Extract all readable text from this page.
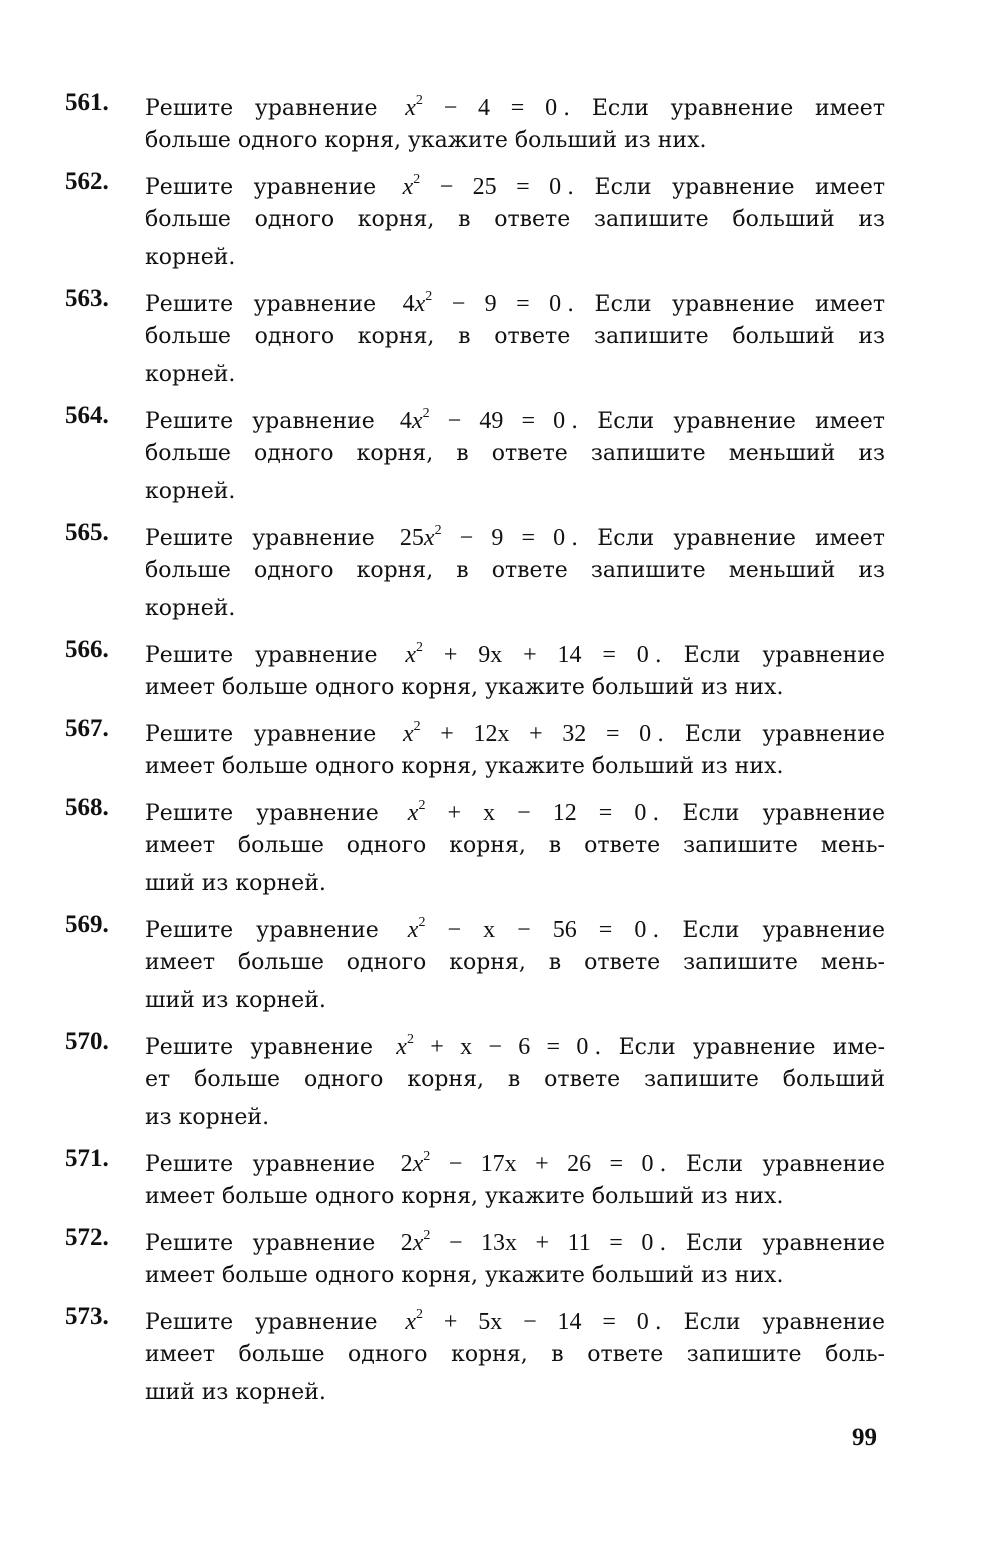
561.	Решите уравнение $x^2 - 4 = 0$ . Если уравнение имеет
больше одного корня, укажите больший из них.
562.	Решите уравнение $x^2 - 25 = 0$ . Если уравнение имеет
больше одного корня, в ответе запишите больший из
корней.
563.	Решите уравнение $4x^2 - 9 = 0$ . Если уравнение имеет
больше одного корня, в ответе запишите больший из
корней.
564.	Решите уравнение $4x^2 - 49 = 0$ . Если уравнение имеет
больше одного корня, в ответе запишите меньший из
корней.
565.	Решите уравнение $25x^2 - 9 = 0$ . Если уравнение имеет
больше одного корня, в ответе запишите меньший из
корней.
566.	Решите уравнение $x^2 + 9x + 14 = 0$ . Если уравнение
имеет больше одного корня, укажите больший из них.
567.	Решите уравнение $x^2 + 12x + 32 = 0$ . Если уравнение
имеет больше одного корня, укажите больший из них.
568.	Решите уравнение $x^2 + x - 12 = 0$ . Если уравнение
имеет больше одного корня, в ответе запишите мень-
ший из корней.
569.	Решите уравнение $x^2 - x - 56 = 0$ . Если уравнение
имеет больше одного корня, в ответе запишите мень-
ший из корней.
570.	Решите уравнение $x^2 + x - 6 = 0$ . Если уравнение име-
ет больше одного корня, в ответе запишите больший
из корней.
571.	Решите уравнение $2x^2 - 17x + 26 = 0$ . Если уравнение
имеет больше одного корня, укажите больший из них.
572.	Решите уравнение $2x^2 - 13x + 11 = 0$ . Если уравнение
имеет больше одного корня, укажите больший из них.
573.	Решите уравнение $x^2 + 5x - 14 = 0$ . Если уравнение
имеет больше одного корня, в ответе запишите боль-
ший из корней.
99
